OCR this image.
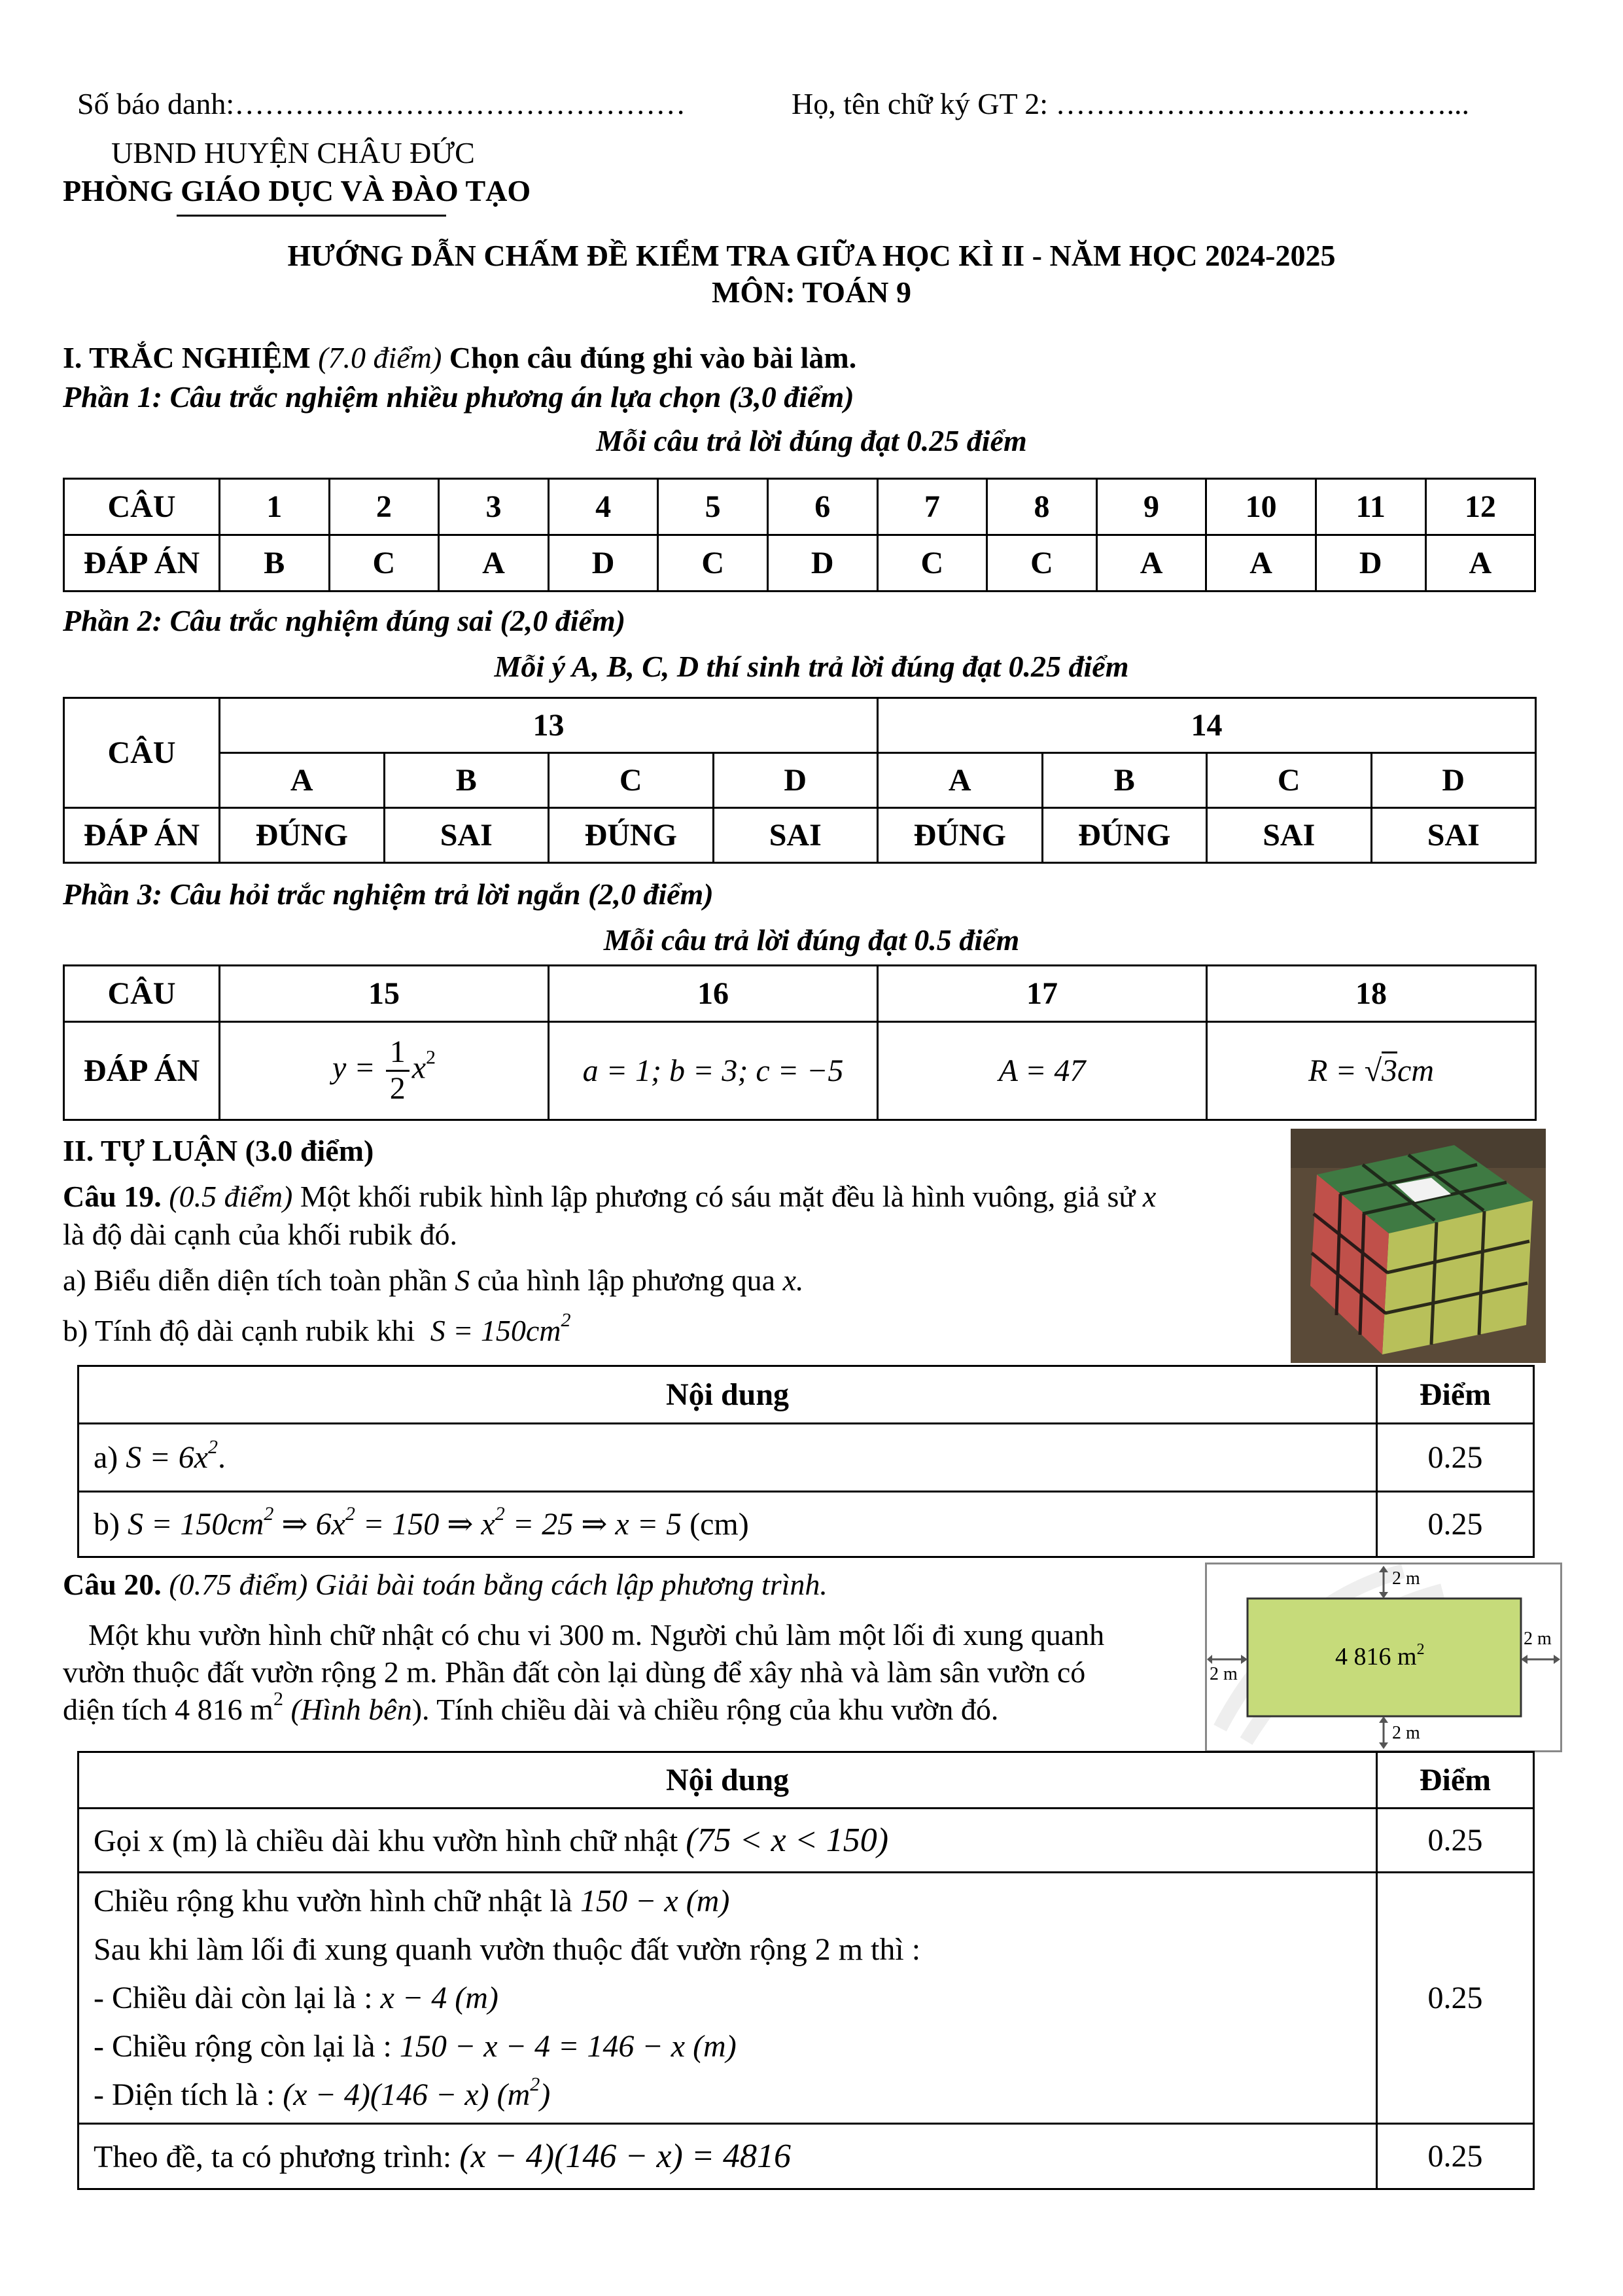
Số báo danh:………………………………………	Họ, tên chữ ký GT 2: …………………………………...
UBND HUYỆN CHÂU ĐỨC
PHÒNG GIÁO DỤC VÀ ĐÀO TẠO
HƯỚNG DẪN CHẤM ĐỀ KIỂM TRA GIỮA HỌC KÌ II - NĂM HỌC 2024-2025
MÔN: TOÁN 9
I. TRẮC NGHIỆM (7.0 điểm) Chọn câu đúng ghi vào bài làm.
Phần 1: Câu trắc nghiệm nhiều phương án lựa chọn (3,0 điểm)
Mỗi câu trả lời đúng đạt 0.25 điểm
CÂU	1	2	3	4	5	6	7	8	9	10	11	12
ĐÁP ÁN	B	C	A	D	C	D	C	C	A	A	D	A
Phần 2: Câu trắc nghiệm đúng sai (2,0 điểm)
Mỗi ý A, B, C, D thí sinh trả lời đúng đạt 0.25 điểm
CÂU	13				14			
	A	B	C	D	A	B	C	D
ĐÁP ÁN	ĐÚNG	SAI	ĐÚNG	SAI	ĐÚNG	ĐÚNG	SAI	SAI
Phần 3: Câu hỏi trắc nghiệm trả lời ngắn (2,0 điểm)
Mỗi câu trả lời đúng đạt 0.5 điểm
CÂU	15	16	17	18
ĐÁP ÁN	$y = \frac{1}{2} x^2$	a = 1; b = 3; c = −5	A = 47	R = √3cm
II. TỰ LUẬN (3.0 điểm)
Câu 19. (0.5 điểm) Một khối rubik hình lập phương có sáu mặt đều là hình vuông, giả sử x
là độ dài cạnh của khối rubik đó.
a) Biểu diễn diện tích toàn phần S của hình lập phương qua x.
b) Tính độ dài cạnh rubik khi $S = 150cm^2$
Nội dung	Điểm
a) $S = 6x^2$.	0.25
b) $S = 150cm^2$ ⇒ $6x^2 = 150$ ⇒ $x^2 = 25$ ⇒ x = 5 (cm)	0.25
Câu 20. (0.75 điểm) Giải bài toán bằng cách lập phương trình.
Một khu vườn hình chữ nhật có chu vi 300 m. Người chủ làm một lối đi xung quanh
vườn thuộc đất vườn rộng 2 m. Phần đất còn lại dùng để xây nhà và làm sân vườn có
diện tích 4 816 $m^2$ (Hình bên). Tính chiều dài và chiều rộng của khu vườn đó.
2 m
2 m
2 m
2 m
4 816 $m^2$
Nội dung	Điểm
Gọi x (m) là chiều dài khu vườn hình chữ nhật (75 < x < 150)	0.25

Chiều rộng khu vườn hình chữ nhật là 150 − x (m)
Sau khi làm lối đi xung quanh vườn thuộc đất vườn rộng 2 m thì :
- Chiều dài còn lại là : x − 4 (m)
- Chiều rộng còn lại là : 150 − x − 4 = 146 − x (m)
- Diện tích là : (x − 4)(146 − x) $(m^2)$	0.25
Theo đề, ta có phương trình: (x − 4)(146 − x) = 4816	0.25
